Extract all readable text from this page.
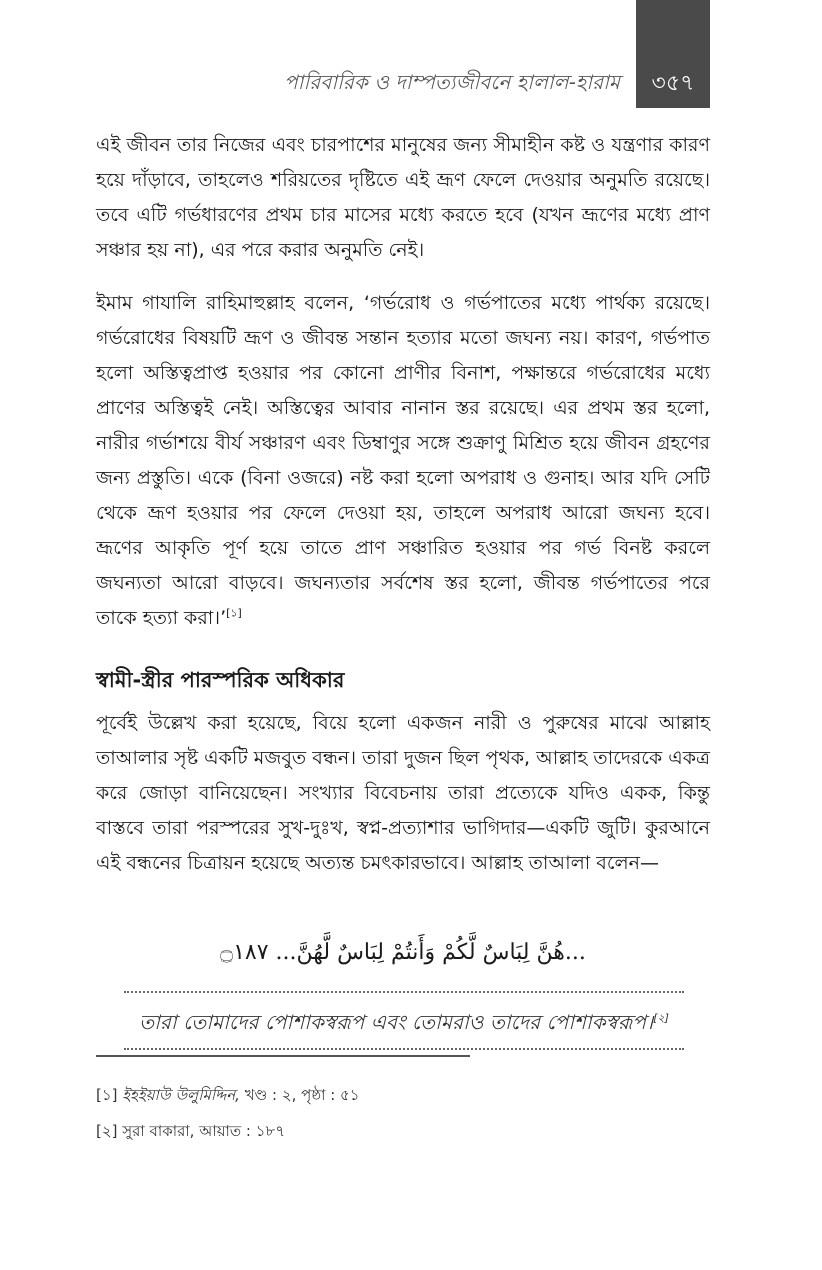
৩৫৭
পারিবারিক ও দাম্পত্যজীবনে হালাল-হারাম

এই জীবন তার নিজের এবং চারপাশের মানুষের জন্য সীমাহীন কষ্ট ও যন্ত্রণার কারণ হয়ে দাঁড়াবে, তাহলেও শরিয়তের দৃষ্টিতে এই ভ্রূণ ফেলে দেওয়ার অনুমতি রয়েছে। তবে এটি গর্ভধারণের প্রথম চার মাসের মধ্যে করতে হবে (যখন ভ্রূণের মধ্যে প্রাণ সঞ্চার হয় না), এর পরে করার অনুমতি নেই।

ইমাম গাযালি রাহিমাহুল্লাহ বলেন, ‘গর্ভরোধ ও গর্ভপাতের মধ্যে পার্থক্য রয়েছে। গর্ভরোধের বিষয়টি ভ্রূণ ও জীবন্ত সন্তান হত্যার মতো জঘন্য নয়। কারণ, গর্ভপাত হলো অস্তিত্বপ্রাপ্ত হওয়ার পর কোনো প্রাণীর বিনাশ, পক্ষান্তরে গর্ভরোধের মধ্যে প্রাণের অস্তিত্বই নেই। অস্তিত্বের আবার নানান স্তর রয়েছে। এর প্রথম স্তর হলো, নারীর গর্ভাশয়ে বীর্য সঞ্চারণ এবং ডিম্বাণুর সঙ্গে শুক্রাণু মিশ্রিত হয়ে জীবন গ্রহণের জন্য প্রস্তুতি। একে (বিনা ওজরে) নষ্ট করা হলো অপরাধ ও গুনাহ। আর যদি সেটি থেকে ভ্রূণ হওয়ার পর ফেলে দেওয়া হয়, তাহলে অপরাধ আরো জঘন্য হবে। ভ্রূণের আকৃতি পূর্ণ হয়ে তাতে প্রাণ সঞ্চারিত হওয়ার পর গর্ভ বিনষ্ট করলে জঘন্যতা আরো বাড়বে। জঘন্যতার সর্বশেষ স্তর হলো, জীবন্ত গর্ভপাতের পরে তাকে হত্যা করা।’[১]

স্বামী-স্ত্রীর পারস্পরিক অধিকার

পূর্বেই উল্লেখ করা হয়েছে, বিয়ে হলো একজন নারী ও পুরুষের মাঝে আল্লাহ তাআলার সৃষ্ট একটি মজবুত বন্ধন। তারা দুজন ছিল পৃথক, আল্লাহ তাদেরকে একত্র করে জোড়া বানিয়েছেন। সংখ্যার বিবেচনায় তারা প্রত্যেকে যদিও একক, কিন্তু বাস্তবে তারা পরস্পরের সুখ-দুঃখ, স্বপ্ন-প্রত্যাশার ভাগিদার—একটি জুটি। কুরআনে এই বন্ধনের চিত্রায়ন হয়েছে অত্যন্ত চমৎকারভাবে। আল্লাহ তাআলা বলেন—

...هُنَّ لِبَاسٌ لَّكُمْ وَأَنتُمْ لِبَاسٌ لَّهُنَّ... ۝١٨٧
তারা তোমাদের পোশাকস্বরূপ এবং তোমরাও তাদের পোশাকস্বরূপ।[২]
[১] ইহইয়াউ উলুমিদ্দিন, খণ্ড : ২, পৃষ্ঠা : ৫১
[২] সুরা বাকারা, আয়াত : ১৮৭
